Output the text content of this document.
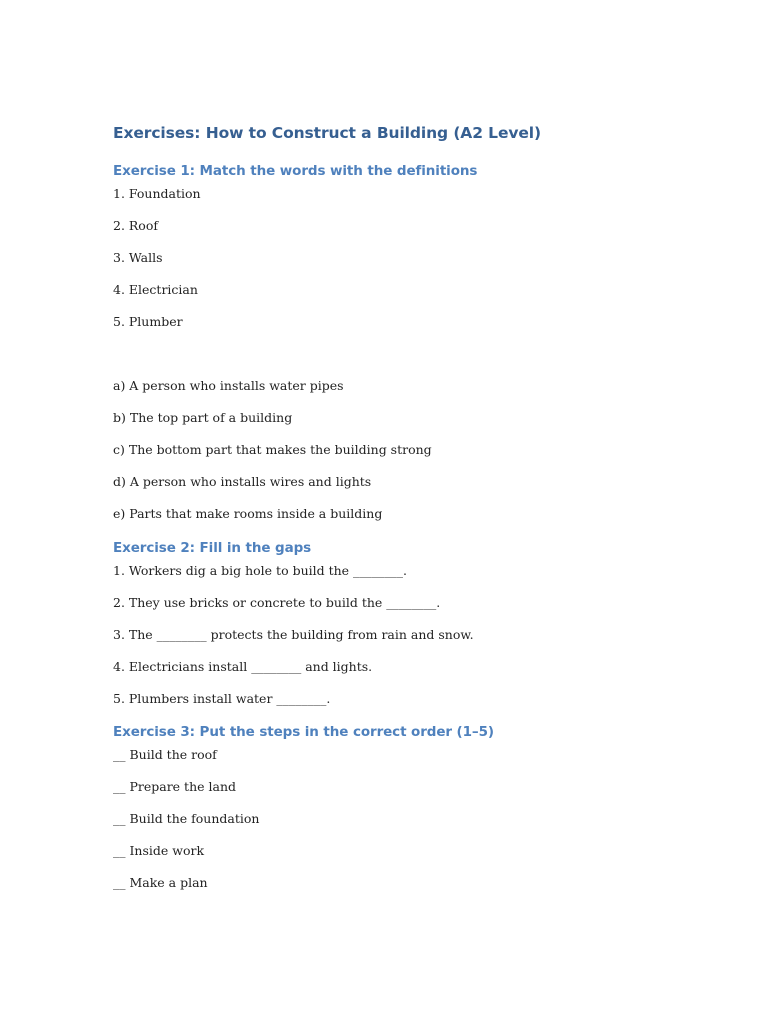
Exercises: How to Construct a Building (A2 Level)
Exercise 1: Match the words with the definitions

1. Foundation

2. Roof

3. Walls

4. Electrician

5. Plumber

a) A person who installs water pipes

b) The top part of a building

c) The bottom part that makes the building strong

d) A person who installs wires and lights

e) Parts that make rooms inside a building

Exercise 2: Fill in the gaps

1. Workers dig a big hole to build the ________.

2. They use bricks or concrete to build the ________.

3. The ________ protects the building from rain and snow.

4. Electricians install ________ and lights.

5. Plumbers install water ________.

Exercise 3: Put the steps in the correct order (1–5)

__ Build the roof

__ Prepare the land

__ Build the foundation

__ Inside work

__ Make a plan
